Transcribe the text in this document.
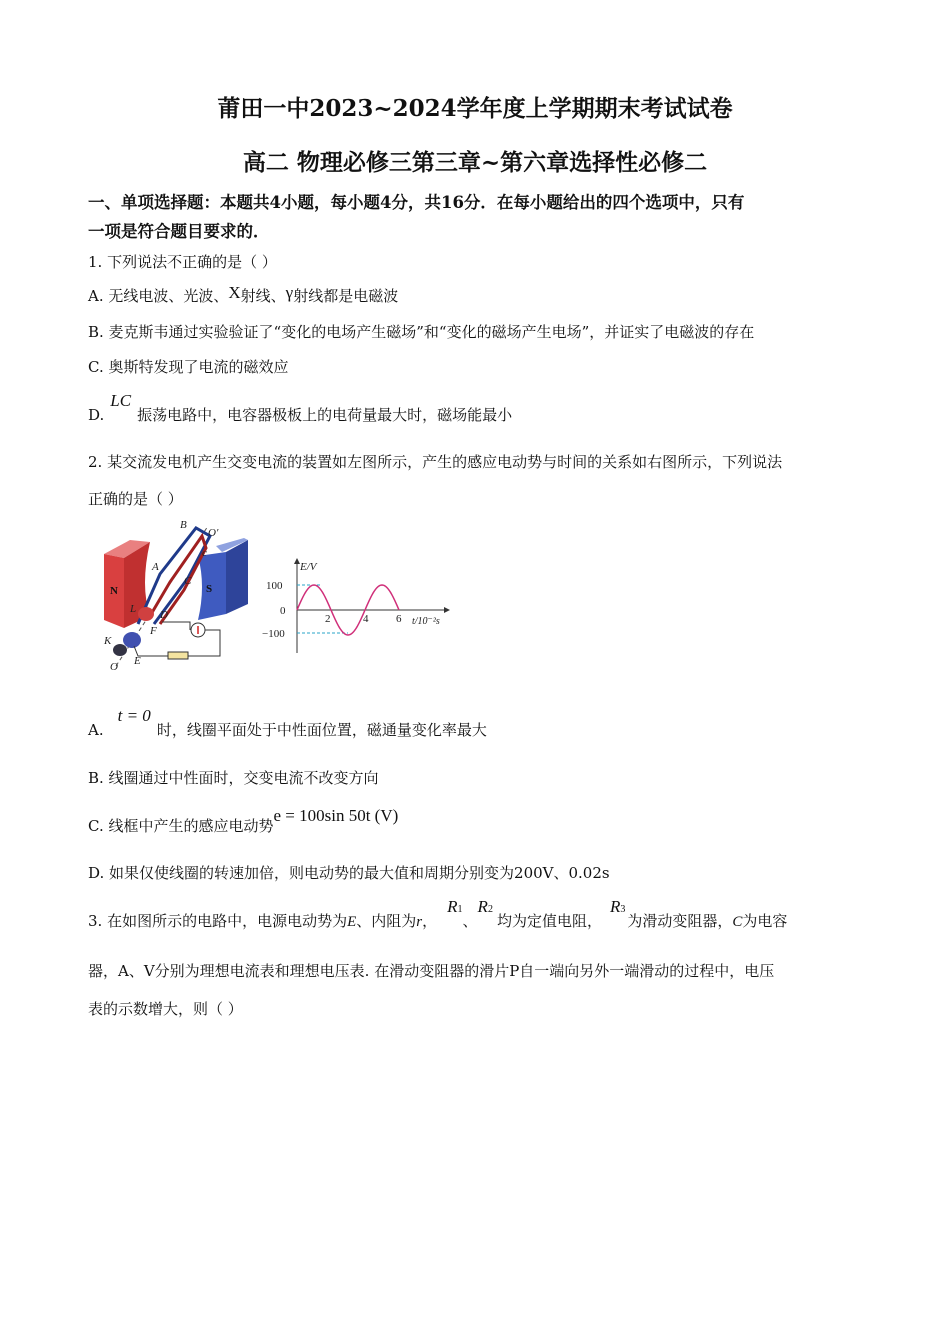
莆田一中2023~2024学年度上学期期末考试试卷
高二 物理必修三第三章~第六章选择性必修二
一、单项选择题：本题共4小题，每小题4分，共16分．在每小题给出的四个选项中，只有
一项是符合题目要求的．
1. 下列说法不正确的是（ ）
A. 无线电波、光波、X射线、γ射线都是电磁波
B. 麦克斯韦通过实验验证了“变化的电场产生磁场”和“变化的磁场产生电场”，并证实了电磁波的存在
C. 奥斯特发现了电流的磁效应
D.LC振荡电路中，电容器极板上的电荷量最大时，磁场能最小
2. 某交流发电机产生交变电流的装置如左图所示，产生的感应电动势与时间的关系如右图所示，下列说法
正确的是（ ）
B
O′
c
A
C
L D
F
K
E
O
N	S
E/V
100
0
−100
2	4	6 t/10⁻²s
A.t = 0时，线圈平面处于中性面位置，磁通量变化率最大
B. 线圈通过中性面时，交变电流不改变方向
C. 线框中产生的感应电动势e = 100sin 50t (V)
D. 如果仅使线圈的转速加倍，则电动势的最大值和周期分别变为200V、0.02s
3. 在如图所示的电路中，电源电动势为E、内阻为r，R1、R2均为定值电阻，R3为滑动变阻器，C为电容
器，A、V分别为理想电流表和理想电压表. 在滑动变阻器的滑片P自一端向另外一端滑动的过程中，电压
表的示数增大，则（ ）
